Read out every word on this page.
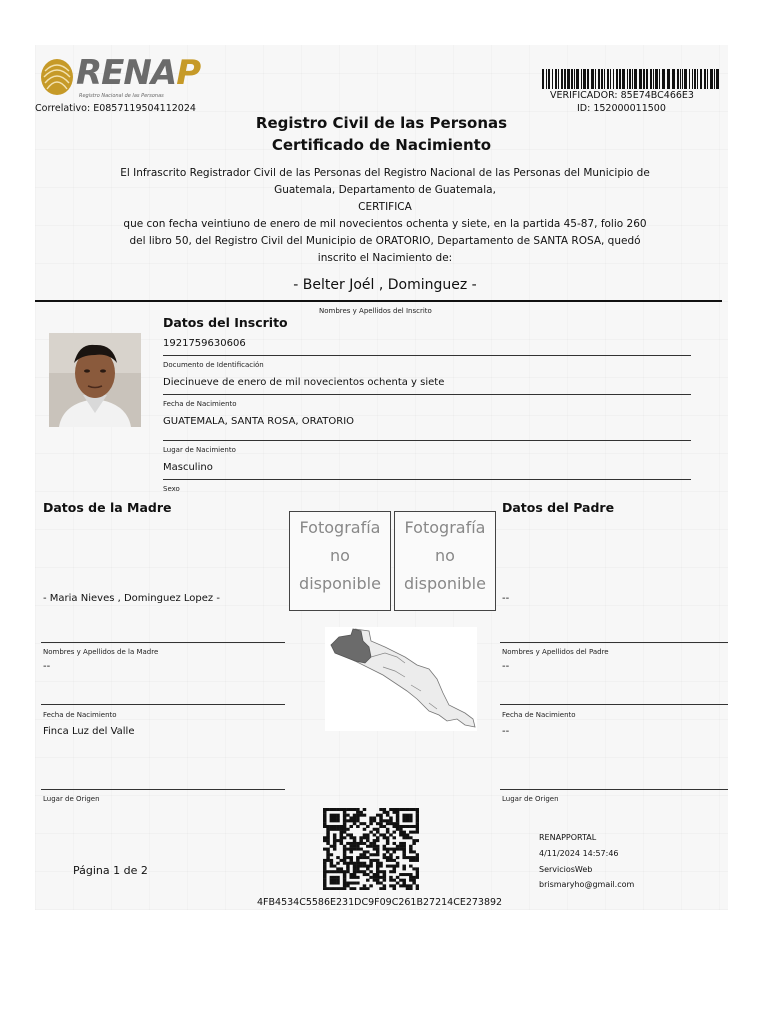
RENAP
Registro Nacional de las Personas
Correlativo: E0857119504112024
VERIFICADOR: 85E74BC466E3
ID: 152000011500
Registro Civil de las Personas
Certificado de Nacimiento
El Infrascrito Registrador Civil de las Personas del Registro Nacional de las Personas del Municipio de
Guatemala, Departamento de Guatemala,
CERTIFICA
que con fecha veintiuno de enero de mil novecientos ochenta y siete, en la partida 45-87, folio 260
del libro 50, del Registro Civil del Municipio de ORATORIO, Departamento de SANTA ROSA, quedó
inscrito el Nacimiento de:
- Belter Joél , Dominguez -
Nombres y Apellidos del Inscrito
Datos del Inscrito
1921759630606
Documento de Identificación
Diecinueve de enero de mil novecientos ochenta y siete
Fecha de Nacimiento
GUATEMALA, SANTA ROSA, ORATORIO
Lugar de Nacimiento
Masculino
Sexo
Datos de la Madre
- Maria Nieves , Dominguez Lopez -
Nombres y Apellidos de la Madre
--
Fecha de Nacimiento
Finca Luz del Valle
Lugar de Origen
Fotografía
no
disponible
Fotografía
no
disponible
Datos del Padre
--
Nombres y Apellidos del Padre
--
Fecha de Nacimiento
--
Lugar de Origen
Página 1 de 2
4FB4534C5586E231DC9F09C261B27214CE273892
RENAPPORTAL
4/11/2024 14:57:46
ServiciosWeb
brismaryho@gmail.com
